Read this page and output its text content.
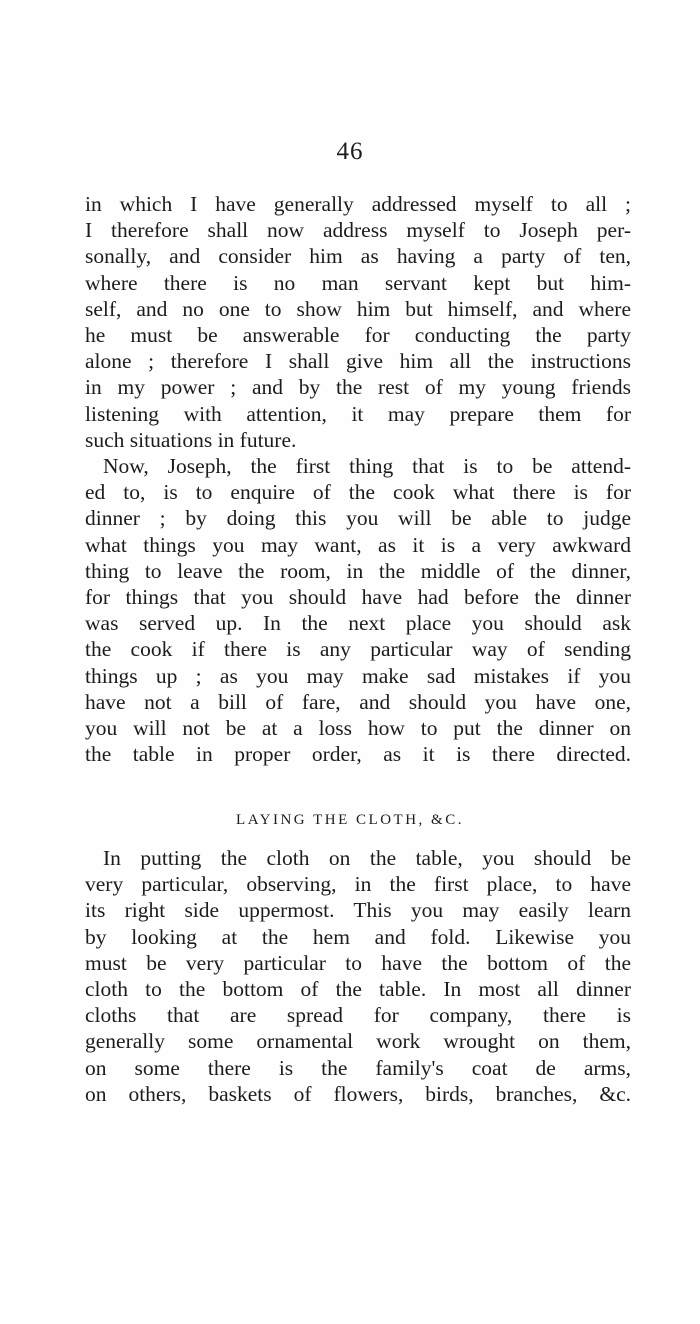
46
in which I have generally addressed myself to all ;
I therefore shall now address myself to Joseph per-
sonally, and consider him as having a party of ten,
where there is no man servant kept but him-
self, and no one to show him but himself, and where
he must be answerable for conducting the party
alone ; therefore I shall give him all the instructions
in my power ; and by the rest of my young friends
listening with attention, it may prepare them for
such situations in future.
Now, Joseph, the first thing that is to be attend-
ed to, is to enquire of the cook what there is for
dinner ; by doing this you will be able to judge
what things you may want, as it is a very awkward
thing to leave the room, in the middle of the dinner,
for things that you should have had before the dinner
was served up. In the next place you should ask
the cook if there is any particular way of sending
things up ; as you may make sad mistakes if you
have not a bill of fare, and should you have one,
you will not be at a loss how to put the dinner on
the table in proper order, as it is there directed.
LAYING THE CLOTH, &C.
In putting the cloth on the table, you should be
very particular, observing, in the first place, to have
its right side uppermost. This you may easily learn
by looking at the hem and fold. Likewise you
must be very particular to have the bottom of the
cloth to the bottom of the table. In most all dinner
cloths that are spread for company, there is
generally some ornamental work wrought on them,
on some there is the family's coat de arms,
on others, baskets of flowers, birds, branches, &c.
